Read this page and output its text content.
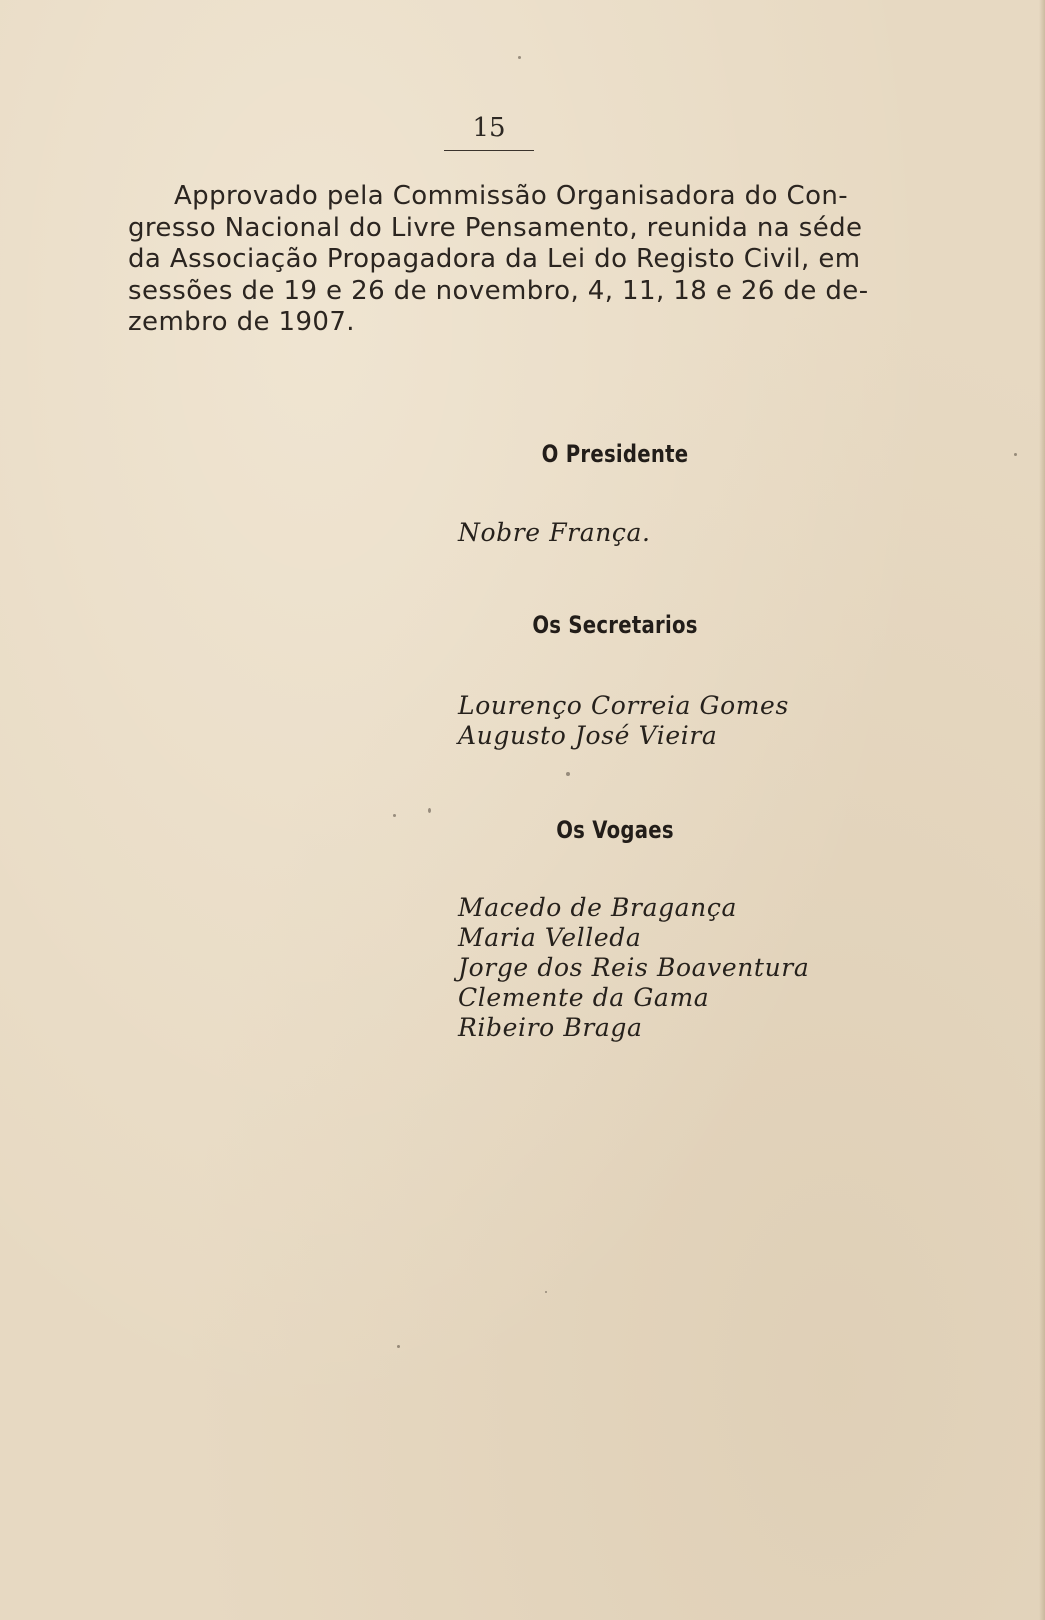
15
Approvado pela Commissão Organisadora do Con-
gresso Nacional do Livre Pensamento, reunida na séde
da Associação Propagadora da Lei do Registo Civil, em
sessões de 19 e 26 de novembro, 4, 11, 18 e 26 de de-
zembro de 1907.
O Presidente
Nobre França.
Os Secretarios
Lourenço Correia Gomes
Augusto José Vieira
Os Vogaes
Macedo de Bragança
Maria Velleda
Jorge dos Reis Boaventura
Clemente da Gama
Ribeiro Braga
